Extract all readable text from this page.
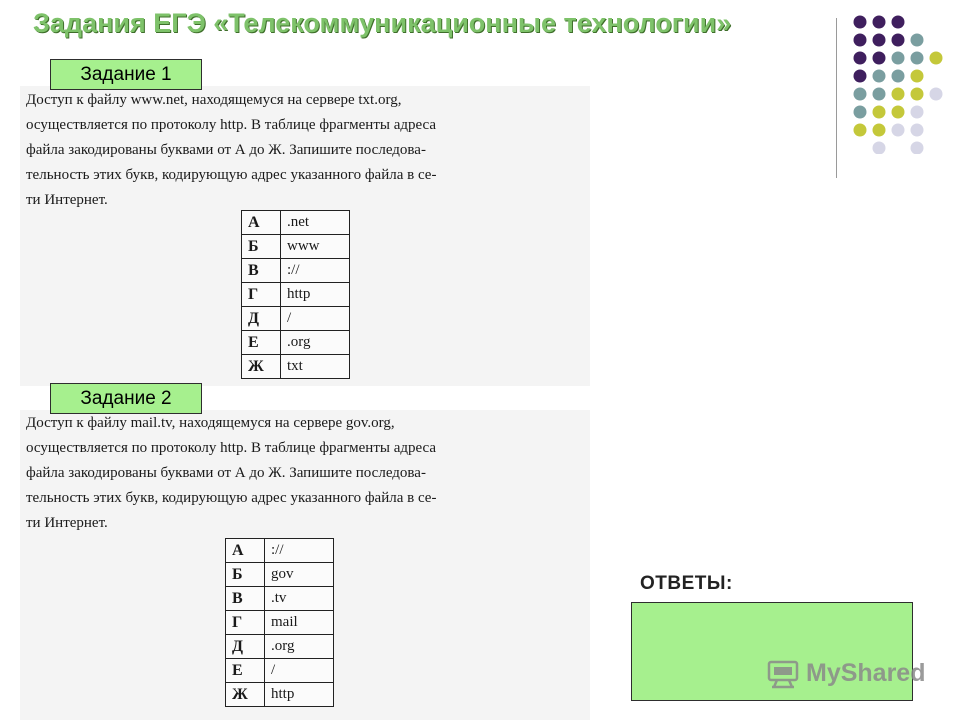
Задания ЕГЭ «Телекоммуникационные технологии»
Задание 1
Доступ к файлу www.net, находящемуся на сервере txt.org,
осуществляется по протоколу http. В таблице фрагменты адреса
файла закодированы буквами от А до Ж. Запишите последова-
тельность этих букв, кодирующую адрес указанного файла в се-
ти Интернет.
А	.net
Б	www
В	://
Г	http
Д	/
Е	.org
Ж	txt
Задание 2
Доступ к файлу mail.tv, находящемуся на сервере gov.org,
осуществляется по протоколу http. В таблице фрагменты адреса
файла закодированы буквами от А до Ж. Запишите последова-
тельность этих букв, кодирующую адрес указанного файла в се-
ти Интернет.
А	://
Б	gov
В	.tv
Г	mail
Д	.org
Е	/
Ж	http
ОТВЕТЫ:
MyShared
